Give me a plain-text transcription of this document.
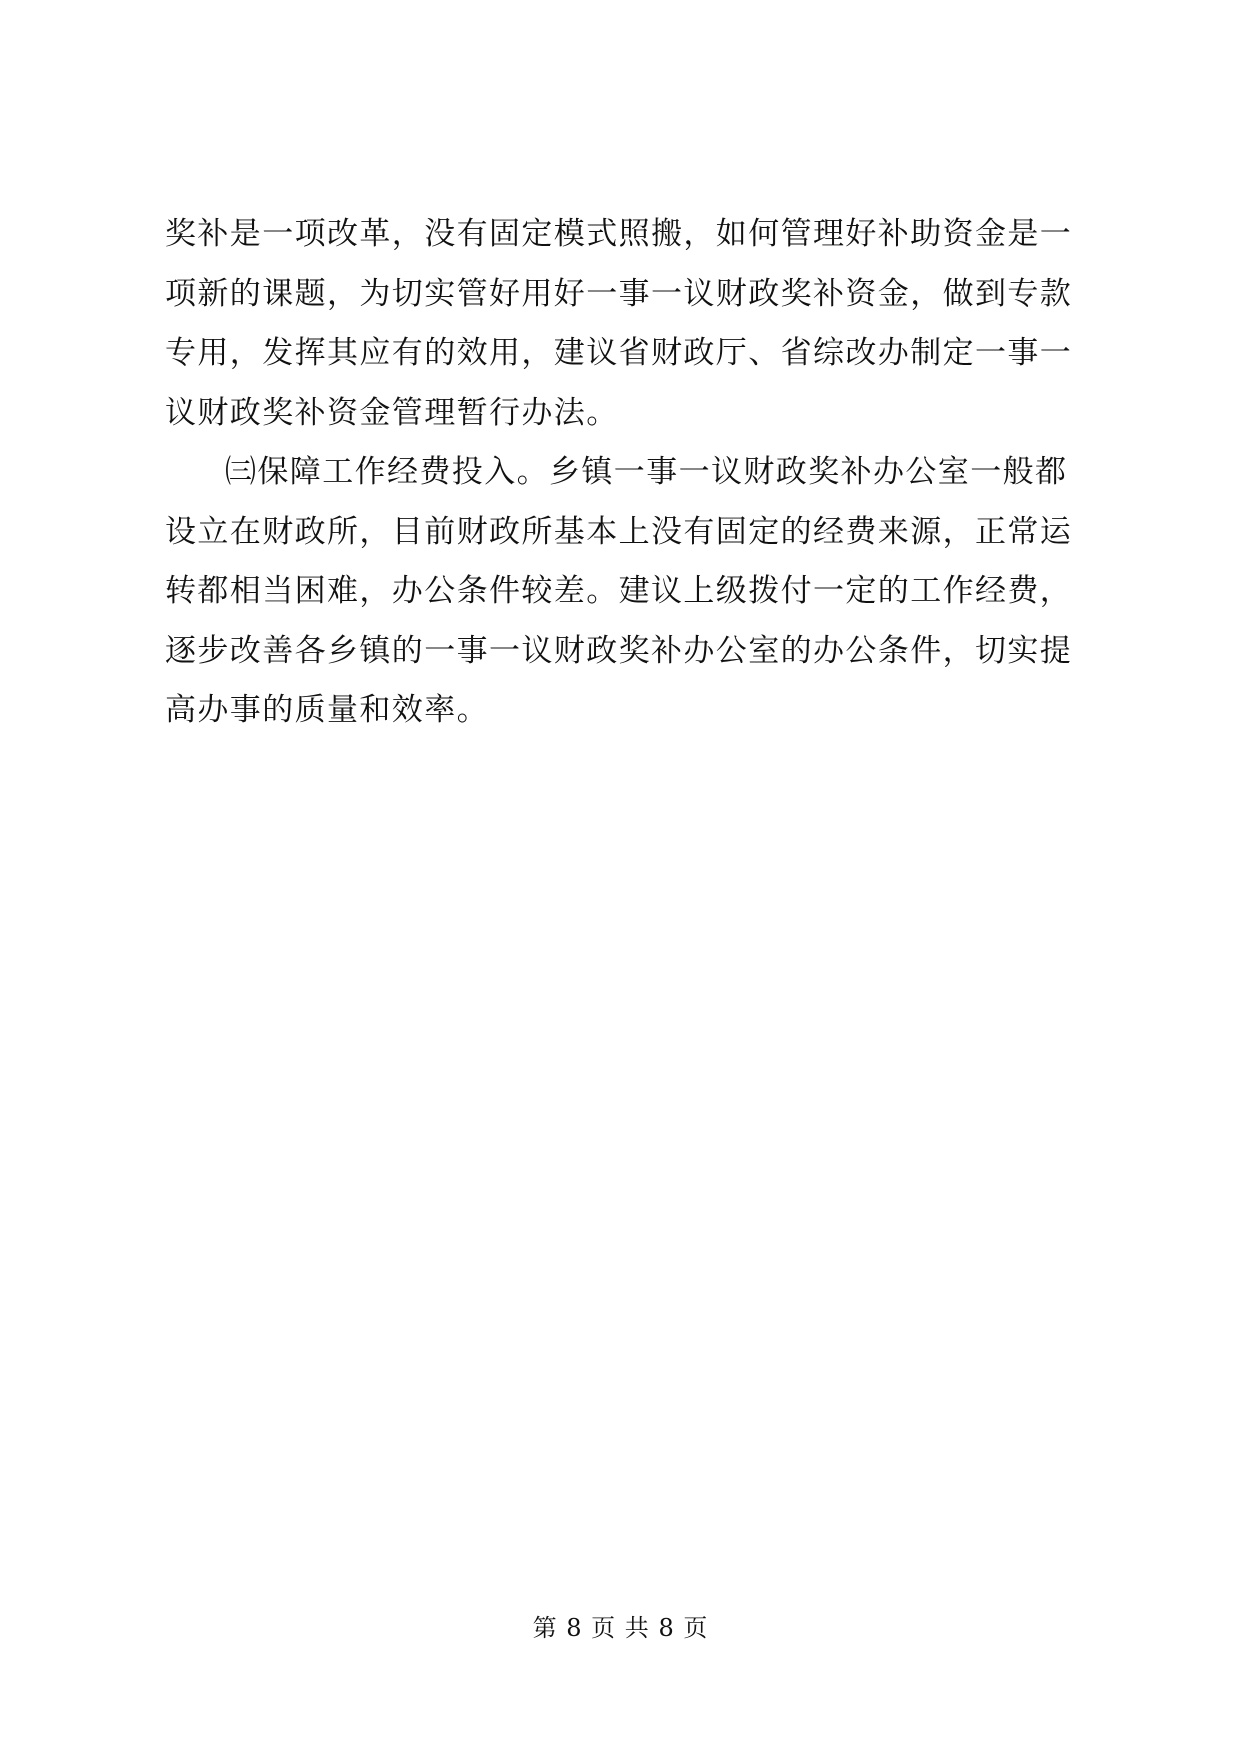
奖补是一项改革，没有固定模式照搬，如何管理好补助资金是一
项新的课题，为切实管好用好一事一议财政奖补资金，做到专款
专用，发挥其应有的效用，建议省财政厅、省综改办制定一事一
议财政奖补资金管理暂行办法。

㈢保障工作经费投入。乡镇一事一议财政奖补办公室一般都
设立在财政所，目前财政所基本上没有固定的经费来源，正常运
转都相当困难，办公条件较差。建议上级拨付一定的工作经费，
逐步改善各乡镇的一事一议财政奖补办公室的办公条件，切实提
高办事的质量和效率。

第 8 页 共 8 页
